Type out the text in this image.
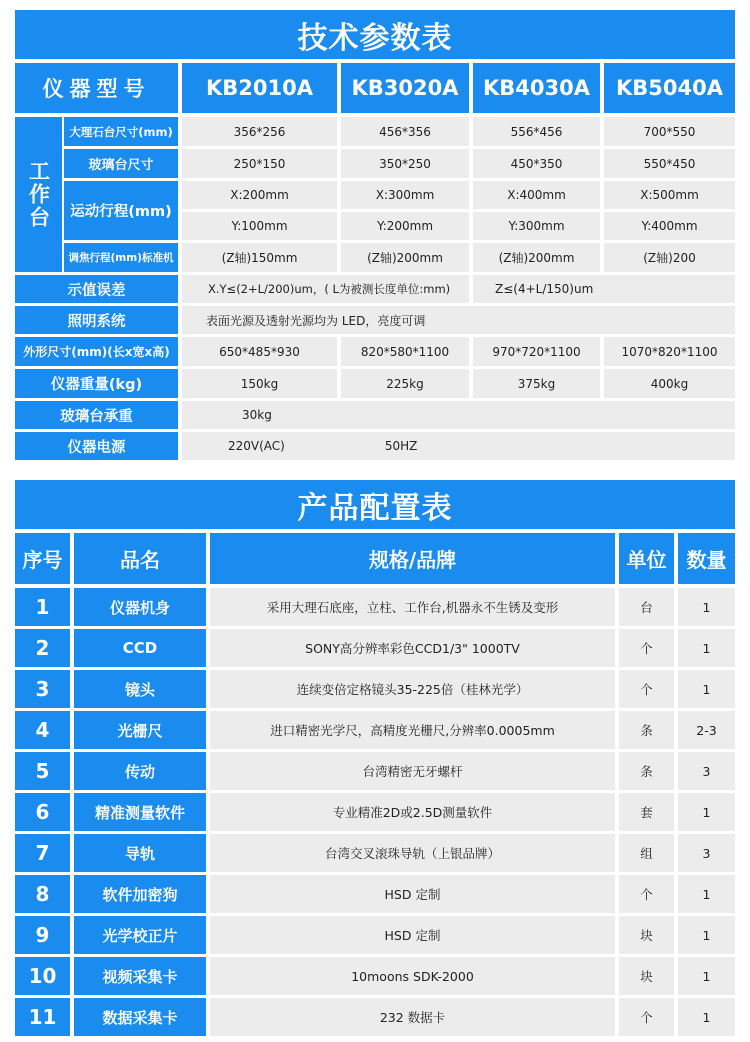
技术参数表
仪器型号	KB2010A	KB3020A	KB4030A	KB5040A
工作台
大理石台尺寸(mm)	356*256	456*356	556*456	700*550
玻璃台尺寸	250*150	350*250	450*350	550*450
运动行程(mm)
X:200mm	X:300mm	X:400mm	X:500mm
Y:100mm	Y:200mm	Y:300mm	Y:400mm
调焦行程(mm)标准机	(Z轴)150mm	(Z轴)200mm	(Z轴)200mm	(Z轴)200
示值误差	X.Y≤(2+L/200)um，( L为被测长度单位:mm)	Z≤(4+L/150)um
照明系统	表面光源及透射光源均为 LED，亮度可调
外形尺寸(mm)(长x宽x高)	650*485*930	820*580*1100	970*720*1100	1070*820*1100
仪器重量(kg)	150kg	225kg	375kg	400kg
玻璃台承重	30kg
仪器电源	220V(AC)	50HZ
产品配置表
序号	品名	规格/品牌	单位	数量
1	仪器机身	采用大理石底座，立柱、工作台,机器永不生锈及变形	台	1
2	CCD	SONY高分辨率彩色CCD1/3" 1000TV	个	1
3	镜头	连续变倍定格镜头35-225倍（桂林光学）	个	1
4	光栅尺	进口精密光学尺，高精度光栅尺,分辨率0.0005mm	条	2-3
5	传动	台湾精密无牙螺杆	条	3
6	精准测量软件	专业精准2D或2.5D测量软件	套	1
7	导轨	台湾交叉滚珠导轨（上银品牌）	组	3
8	软件加密狗	HSD 定制	个	1
9	光学校正片	HSD 定制	块	1
10	视频采集卡	10moons SDK-2000	块	1
11	数据采集卡	232 数据卡	个	1
